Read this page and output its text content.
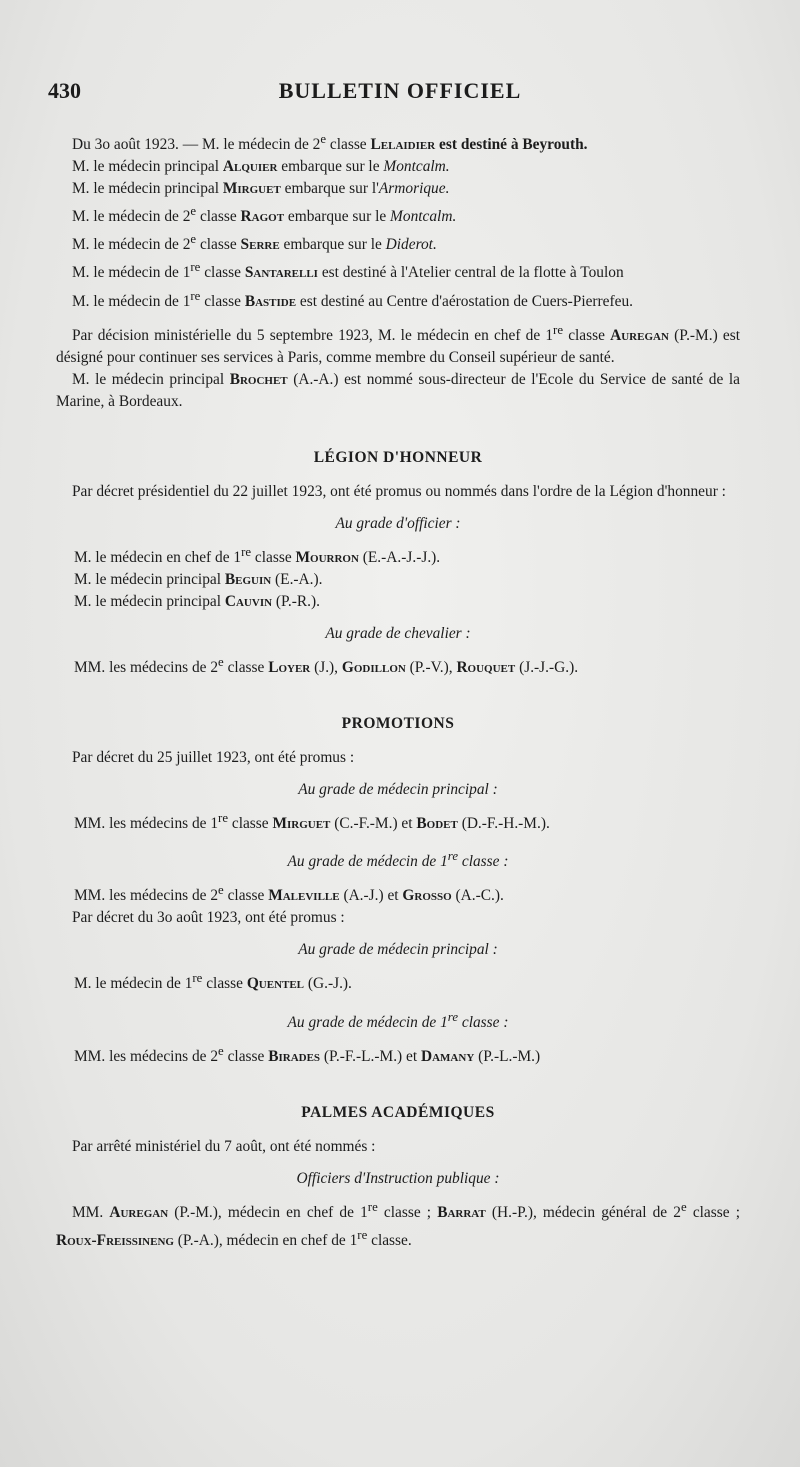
430	BULLETIN OFFICIEL

Du 3o août 1923. — M. le médecin de 2e classe Lelaidier est destiné à Beyrouth.

M. le médecin principal Alquier embarque sur le Montcalm.

M. le médecin principal Mirguet embarque sur l'Armorique.

M. le médecin de 2e classe Ragot embarque sur le Montcalm.

M. le médecin de 2e classe Serre embarque sur le Diderot.

M. le médecin de 1re classe Santarelli est destiné à l'Atelier central de la flotte à Toulon

M. le médecin de 1re classe Bastide est destiné au Centre d'aérostation de Cuers-Pierrefeu.

Par décision ministérielle du 5 septembre 1923, M. le médecin en chef de 1re classe Auregan (P.-M.) est désigné pour continuer ses services à Paris, comme membre du Conseil supérieur de santé.

M. le médecin principal Brochet (A.-A.) est nommé sous-directeur de l'Ecole du Service de santé de la Marine, à Bordeaux.

LÉGION D'HONNEUR

Par décret présidentiel du 22 juillet 1923, ont été promus ou nommés dans l'ordre de la Légion d'honneur :

Au grade d'officier :

M. le médecin en chef de 1re classe Mourron (E.-A.-J.-J.).

M. le médecin principal Beguin (E.-A.).

M. le médecin principal Cauvin (P.-R.).

Au grade de chevalier :

MM. les médecins de 2e classe Loyer (J.), Godillon (P.-V.), Rouquet (J.-J.-G.).

PROMOTIONS

Par décret du 25 juillet 1923, ont été promus :

Au grade de médecin principal :

MM. les médecins de 1re classe Mirguet (C.-F.-M.) et Bodet (D.-F.-H.-M.).

Au grade de médecin de 1re classe :

MM. les médecins de 2e classe Maleville (A.-J.) et Grosso (A.-C.).

Par décret du 3o août 1923, ont été promus :

Au grade de médecin principal :

M. le médecin de 1re classe Quentel (G.-J.).

Au grade de médecin de 1re classe :

MM. les médecins de 2e classe Birades (P.-F.-L.-M.) et Damany (P.-L.-M.)

PALMES ACADÉMIQUES

Par arrêté ministériel du 7 août, ont été nommés :

Officiers d'Instruction publique :

MM. Auregan (P.-M.), médecin en chef de 1re classe ; Barrat (H.-P.), médecin général de 2e classe ; Roux-Freissineng (P.-A.), médecin en chef de 1re classe.
